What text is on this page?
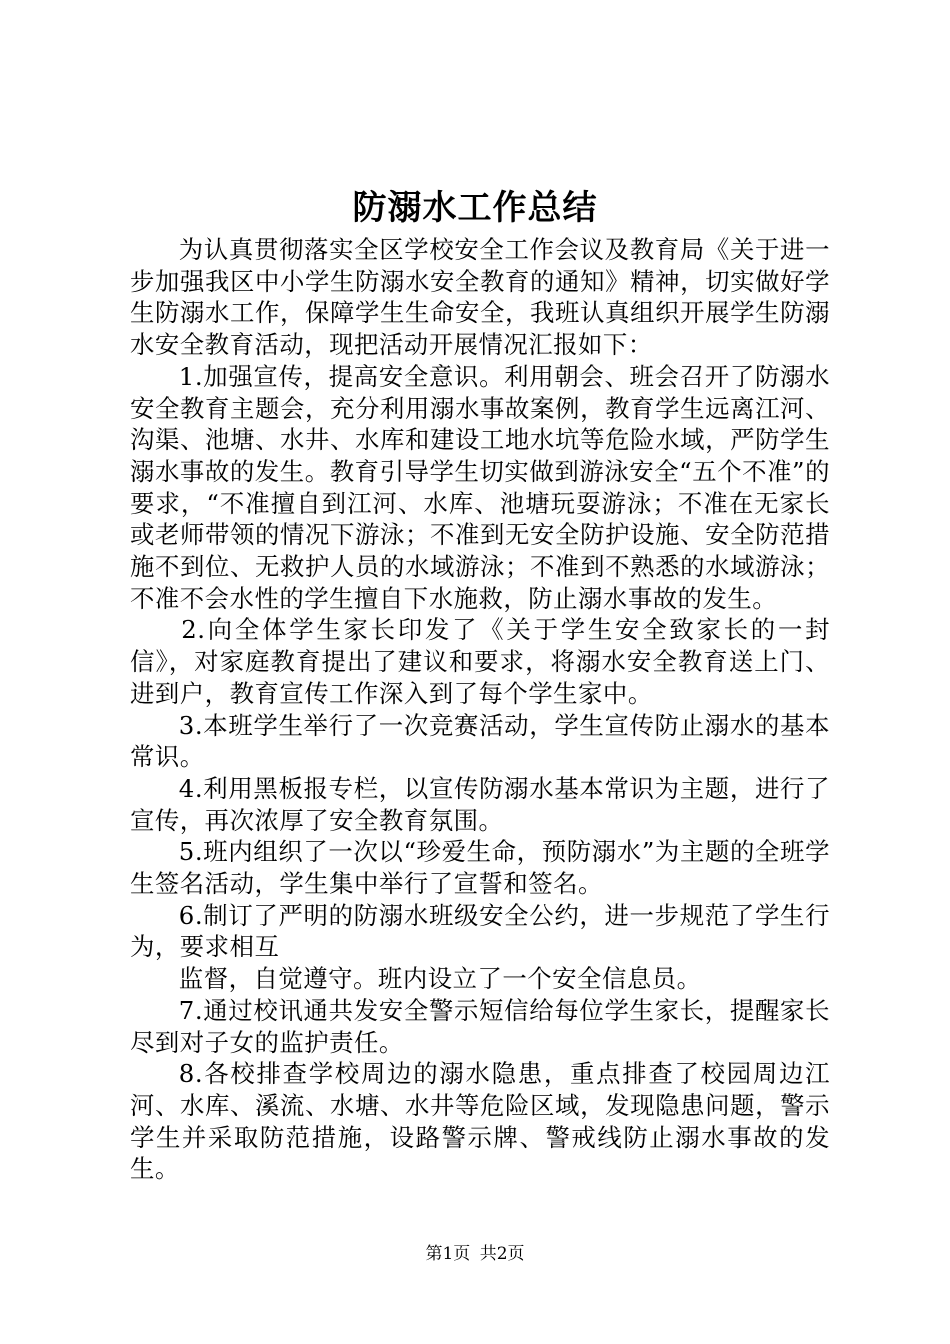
防溺水工作总结

为认真贯彻落实全区学校安全工作会议及教育局《关于进一步加强我区中小学生防溺水安全教育的通知》精神，切实做好学生防溺水工作，保障学生生命安全，我班认真组织开展学生防溺水安全教育活动，现把活动开展情况汇报如下：

1.加强宣传，提高安全意识。利用朝会、班会召开了防溺水安全教育主题会，充分利用溺水事故案例，教育学生远离江河、沟渠、池塘、水井、水库和建设工地水坑等危险水域，严防学生溺水事故的发生。教育引导学生切实做到游泳安全“五个不准”的要求，“不准擅自到江河、水库、池塘玩耍游泳；不准在无家长或老师带领的情况下游泳；不准到无安全防护设施、安全防范措施不到位、无救护人员的水域游泳；不准到不熟悉的水域游泳；不准不会水性的学生擅自下水施救，防止溺水事故的发生。

2.向全体学生家长印发了《关于学生安全致家长的一封信》，对家庭教育提出了建议和要求，将溺水安全教育送上门、进到户，教育宣传工作深入到了每个学生家中。

3.本班学生举行了一次竞赛活动，学生宣传防止溺水的基本常识。

4.利用黑板报专栏，以宣传防溺水基本常识为主题，进行了宣传，再次浓厚了安全教育氛围。

5.班内组织了一次以“珍爱生命，预防溺水”为主题的全班学生签名活动，学生集中举行了宣誓和签名。

6.制订了严明的防溺水班级安全公约，进一步规范了学生行为，要求相互

监督，自觉遵守。班内设立了一个安全信息员。

7.通过校讯通共发安全警示短信给每位学生家长，提醒家长尽到对子女的监护责任。

8.各校排查学校周边的溺水隐患，重点排查了校园周边江河、水库、溪流、水塘、水井等危险区域，发现隐患问题，警示学生并采取防范措施，设路警示牌、警戒线防止溺水事故的发生。

第1页 共2页
